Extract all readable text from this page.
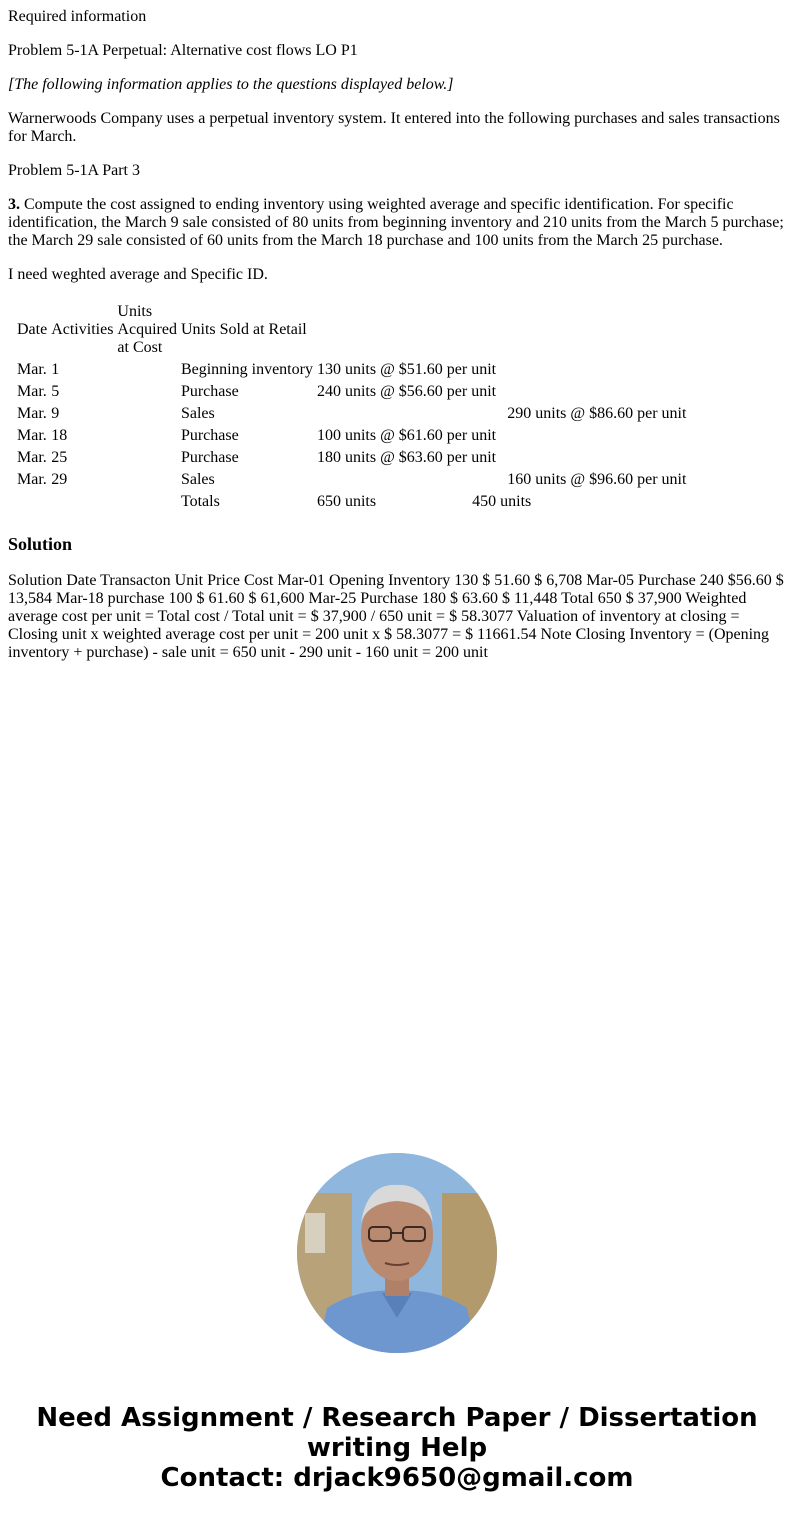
Required information

Problem 5-1A Perpetual: Alternative cost flows LO P1

[The following information applies to the questions displayed below.]

Warnerwoods Company uses a perpetual inventory system. It entered into the following purchases and sales transactions for March.

Problem 5-1A Part 3

3. Compute the cost assigned to ending inventory using weighted average and specific identification. For specific identification, the March 9 sale consisted of 80 units from beginning inventory and 210 units from the March 5 purchase; the March 29 sale consisted of 60 units from the March 18 purchase and 100 units from the March 25 purchase.

I need weghted average and Specific ID.

Date	Activities	Units Acquired at Cost	Units Sold at Retail						
Mar.	1		Beginning inventory	130	units	@ $51.60 per unit			
Mar.	5		Purchase	240	units	@ $56.60 per unit			
Mar.	9		Sales				290	units	@ $86.60 per unit
Mar.	18		Purchase	100	units	@ $61.60 per unit			
Mar.	25		Purchase	180	units	@ $63.60 per unit			
Mar.	29		Sales				160	units	@ $96.60 per unit
			Totals	650	units	450	units		
Solution

Solution Date Transacton Unit Price Cost Mar-01 Opening Inventory 130 $ 51.60 $ 6,708 Mar-05 Purchase 240 $56.60 $ 13,584 Mar-18 purchase 100 $ 61.60 $ 61,600 Mar-25 Purchase 180 $ 63.60 $ 11,448 Total 650 $ 37,900 Weighted average cost per unit = Total cost / Total unit = $ 37,900 / 650 unit = $ 58.3077 Valuation of inventory at closing = Closing unit x weighted average cost per unit = 200 unit x $ 58.3077 = $ 11661.54 Note Closing Inventory = (Opening inventory + purchase) - sale unit = 650 unit - 290 unit - 160 unit = 200 unit

Need Assignment / Research Paper / Dissertation
writing Help
Contact: drjack9650@gmail.com
